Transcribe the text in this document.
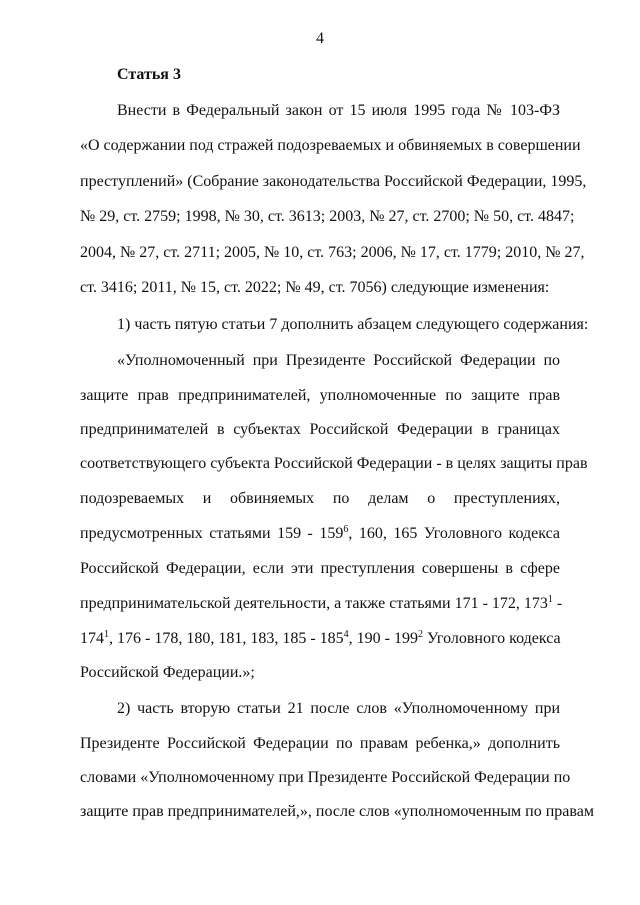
4
Статья 3
Внести в Федеральный закон от 15 июля 1995 года № 103-ФЗ
«О содержании под стражей подозреваемых и обвиняемых в совершении
преступлений» (Собрание законодательства Российской Федерации, 1995,
№ 29, ст. 2759; 1998, № 30, ст. 3613; 2003, № 27, ст. 2700; № 50, ст. 4847;
2004, № 27, ст. 2711; 2005, № 10, ст. 763; 2006, № 17, ст. 1779; 2010, № 27,
ст. 3416; 2011, № 15, ст. 2022; № 49, ст. 7056) следующие изменения:
1) часть пятую статьи 7 дополнить абзацем следующего содержания:
«Уполномоченный при Президенте Российской Федерации по
защите прав предпринимателей, уполномоченные по защите прав
предпринимателей в субъектах Российской Федерации в границах
соответствующего субъекта Российской Федерации - в целях защиты прав
подозреваемых и обвиняемых по делам о преступлениях,
предусмотренных статьями $159 - 159^6$, 160, 165 Уголовного кодекса
Российской Федерации, если эти преступления совершены в сфере
предпринимательской деятельности, а также статьями 171 - 172, $173^1$ -
$174^1$, 176 - 178, 180, 181, 183, $185 - 185^4$, $190 - 199^2$ Уголовного кодекса
Российской Федерации.»;
2) часть вторую статьи 21 после слов «Уполномоченному при
Президенте Российской Федерации по правам ребенка,» дополнить
словами «Уполномоченному при Президенте Российской Федерации по
защите прав предпринимателей,», после слов «уполномоченным по правам
